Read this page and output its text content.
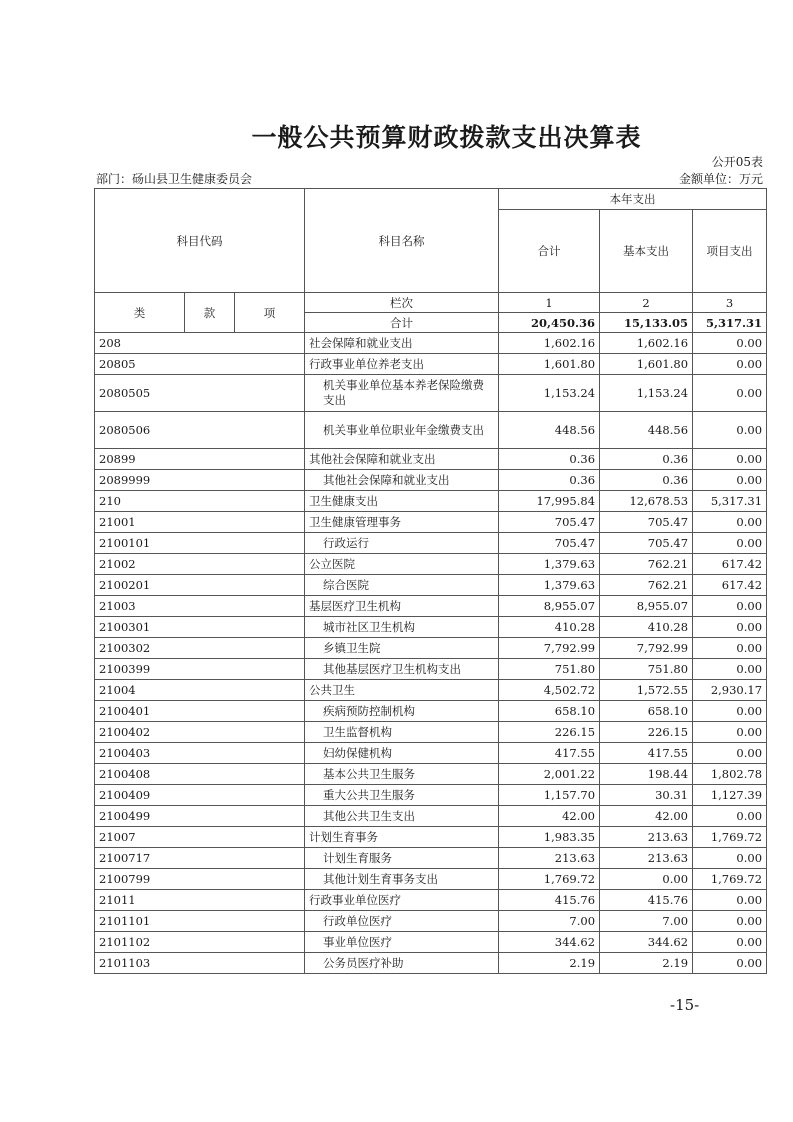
一般公共预算财政拨款支出决算表
公开05表
部门：砀山县卫生健康委员会	金额单位：万元
科目代码			科目名称	本年支出		
				合计	基本支出	项目支出
类	款	项	栏次	1	2	3
			合计	20,450.36	15,133.05	5,317.31
208			社会保障和就业支出	1,602.16	1,602.16	0.00
20805			行政事业单位养老支出	1,601.80	1,601.80	0.00
2080505			机关事业单位基本养老保险缴费支出	1,153.24	1,153.24	0.00
2080506			机关事业单位职业年金缴费支出	448.56	448.56	0.00
20899			其他社会保障和就业支出	0.36	0.36	0.00
2089999			其他社会保障和就业支出	0.36	0.36	0.00
210			卫生健康支出	17,995.84	12,678.53	5,317.31
21001			卫生健康管理事务	705.47	705.47	0.00
2100101			行政运行	705.47	705.47	0.00
21002			公立医院	1,379.63	762.21	617.42
2100201			综合医院	1,379.63	762.21	617.42
21003			基层医疗卫生机构	8,955.07	8,955.07	0.00
2100301			城市社区卫生机构	410.28	410.28	0.00
2100302			乡镇卫生院	7,792.99	7,792.99	0.00
2100399			其他基层医疗卫生机构支出	751.80	751.80	0.00
21004			公共卫生	4,502.72	1,572.55	2,930.17
2100401			疾病预防控制机构	658.10	658.10	0.00
2100402			卫生监督机构	226.15	226.15	0.00
2100403			妇幼保健机构	417.55	417.55	0.00
2100408			基本公共卫生服务	2,001.22	198.44	1,802.78
2100409			重大公共卫生服务	1,157.70	30.31	1,127.39
2100499			其他公共卫生支出	42.00	42.00	0.00
21007			计划生育事务	1,983.35	213.63	1,769.72
2100717			计划生育服务	213.63	213.63	0.00
2100799			其他计划生育事务支出	1,769.72	0.00	1,769.72
21011			行政事业单位医疗	415.76	415.76	0.00
2101101			行政单位医疗	7.00	7.00	0.00
2101102			事业单位医疗	344.62	344.62	0.00
2101103			公务员医疗补助	2.19	2.19	0.00
-15-
